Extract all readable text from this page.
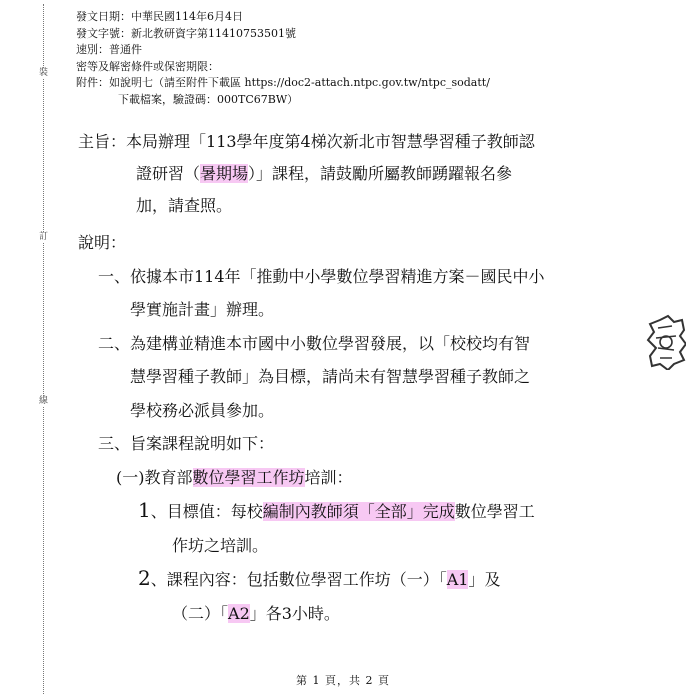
裝
訂
線
發文日期：中華民國114年6月4日
發文字號：新北教研資字第11410753501號
速別：普通件
密等及解密條件或保密期限：
附件：如說明七（請至附件下載區 https://doc2-attach.ntpc.gov.tw/ntpc_sodatt/
下載檔案，驗證碼：000TC67BW）
主旨：本局辦理「113學年度第4梯次新北市智慧學習種子教師認
證研習（暑期場）」課程，請鼓勵所屬教師踴躍報名參
加，請查照。
說明：
一、依據本市114年「推動中小學數位學習精進方案－國民中小
學實施計畫」辦理。
二、為建構並精進本市國中小數位學習發展，以「校校均有智
慧學習種子教師」為目標，請尚未有智慧學習種子教師之
學校務必派員參加。
三、旨案課程說明如下：
(一)教育部數位學習工作坊培訓：
1、目標值：每校編制內教師須「全部」完成數位學習工
作坊之培訓。
2、課程內容：包括數位學習工作坊（一）「A1」及
（二）「A2」各3小時。
第 1 頁，共 2 頁
